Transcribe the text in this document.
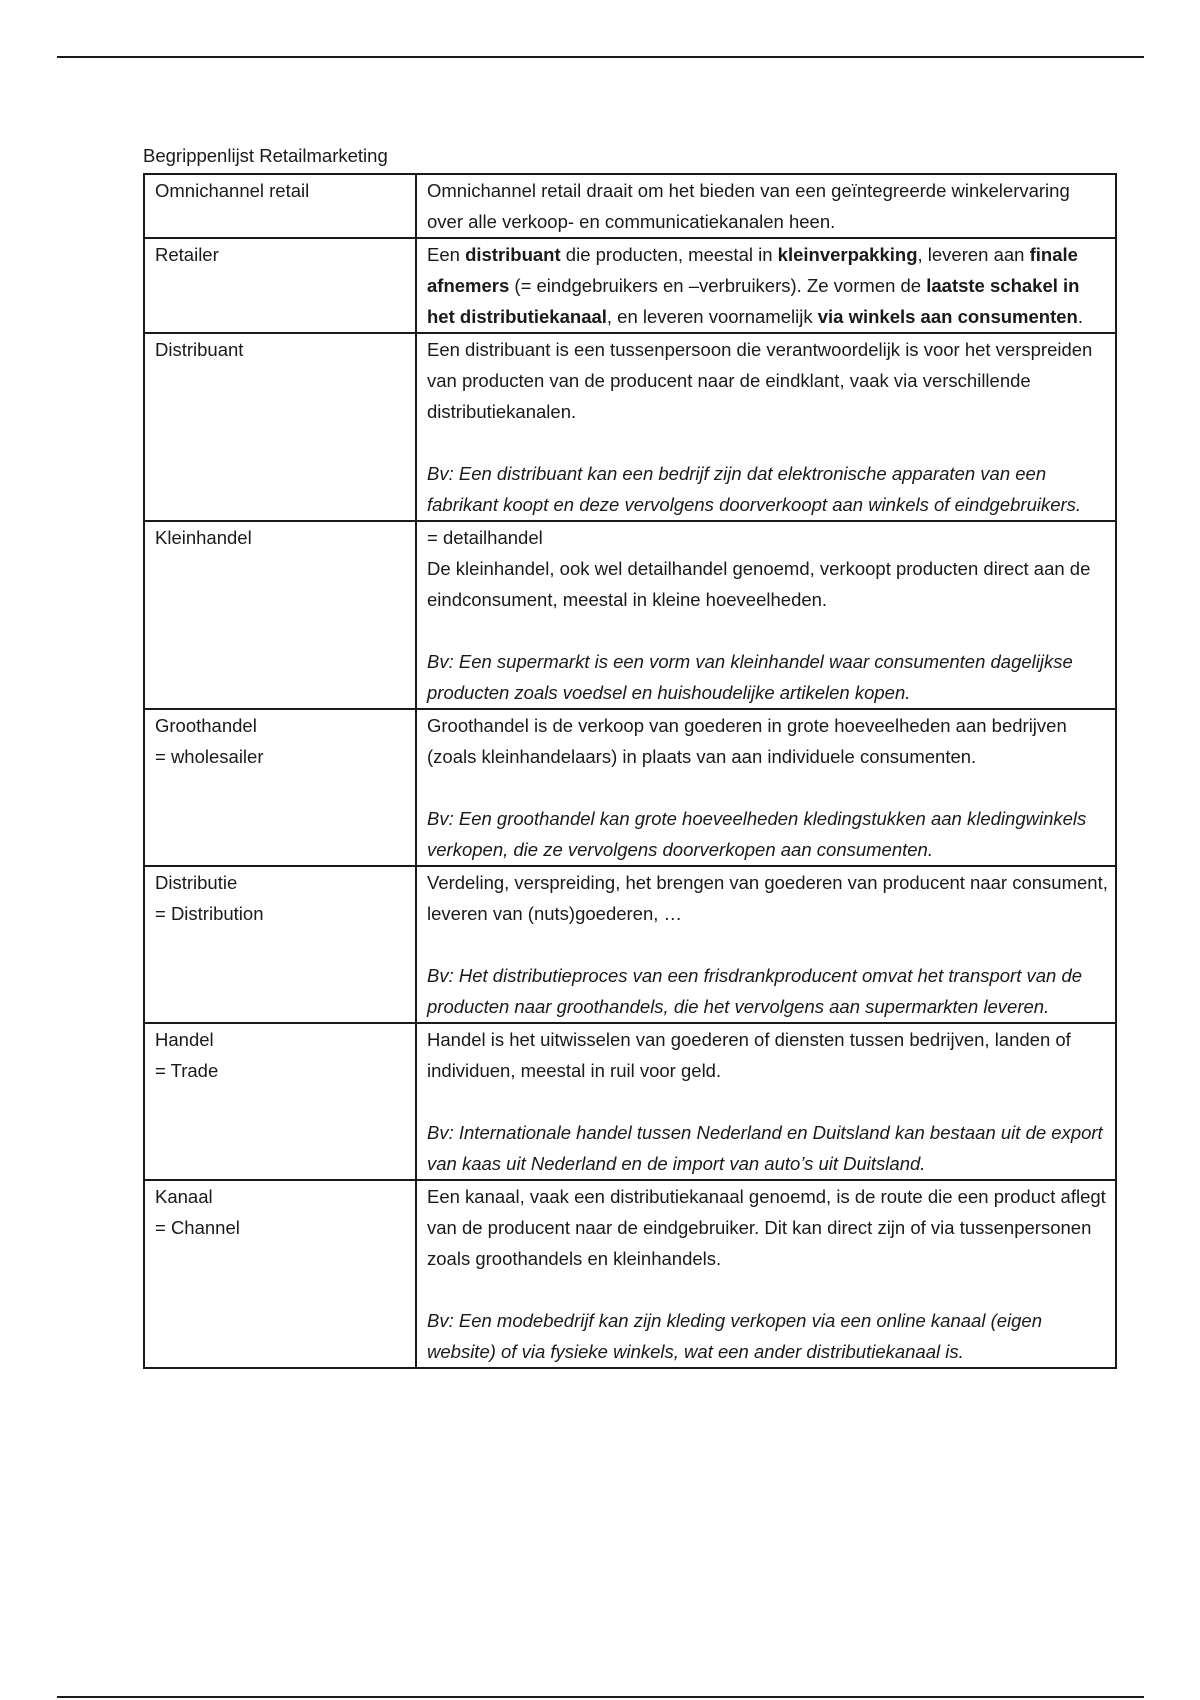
Begrippenlijst Retailmarketing
Omnichannel retail	Omnichannel retail draait om het bieden van een geïntegreerde winkelervaring over alle verkoop- en communicatiekanalen heen.

Retailer	Een distribuant die producten, meestal in kleinverpakking, leveren aan finale afnemers (= eindgebruikers en –verbruikers). Ze vormen de laatste schakel in het distributiekanaal, en leveren voornamelijk via winkels aan consumenten.

Distribuant	Een distribuant is een tussenpersoon die verantwoordelijk is voor het verspreiden van producten van de producent naar de eindklant, vaak via verschillende distributiekanalen.
Bv: Een distribuant kan een bedrijf zijn dat elektronische apparaten van een fabrikant koopt en deze vervolgens doorverkoopt aan winkels of eindgebruikers.

Kleinhandel	= detailhandel
De kleinhandel, ook wel detailhandel genoemd, verkoopt producten direct aan de eindconsument, meestal in kleine hoeveelheden.
Bv: Een supermarkt is een vorm van kleinhandel waar consumenten dagelijkse producten zoals voedsel en huishoudelijke artikelen kopen.

Groothandel
= wholesailer	Groothandel is de verkoop van goederen in grote hoeveelheden aan bedrijven (zoals kleinhandelaars) in plaats van aan individuele consumenten.
Bv: Een groothandel kan grote hoeveelheden kledingstukken aan kledingwinkels verkopen, die ze vervolgens doorverkopen aan consumenten.

Distributie
= Distribution	Verdeling, verspreiding, het brengen van goederen van producent naar consument, leveren van (nuts)goederen, …
Bv: Het distributieproces van een frisdrankproducent omvat het transport van de producten naar groothandels, die het vervolgens aan supermarkten leveren.

Handel
= Trade	Handel is het uitwisselen van goederen of diensten tussen bedrijven, landen of individuen, meestal in ruil voor geld.
Bv: Internationale handel tussen Nederland en Duitsland kan bestaan uit de export van kaas uit Nederland en de import van auto’s uit Duitsland.

Kanaal
= Channel	Een kanaal, vaak een distributiekanaal genoemd, is de route die een product aflegt van de producent naar de eindgebruiker. Dit kan direct zijn of via tussenpersonen zoals groothandels en kleinhandels.
Bv: Een modebedrijf kan zijn kleding verkopen via een online kanaal (eigen website) of via fysieke winkels, wat een ander distributiekanaal is.
